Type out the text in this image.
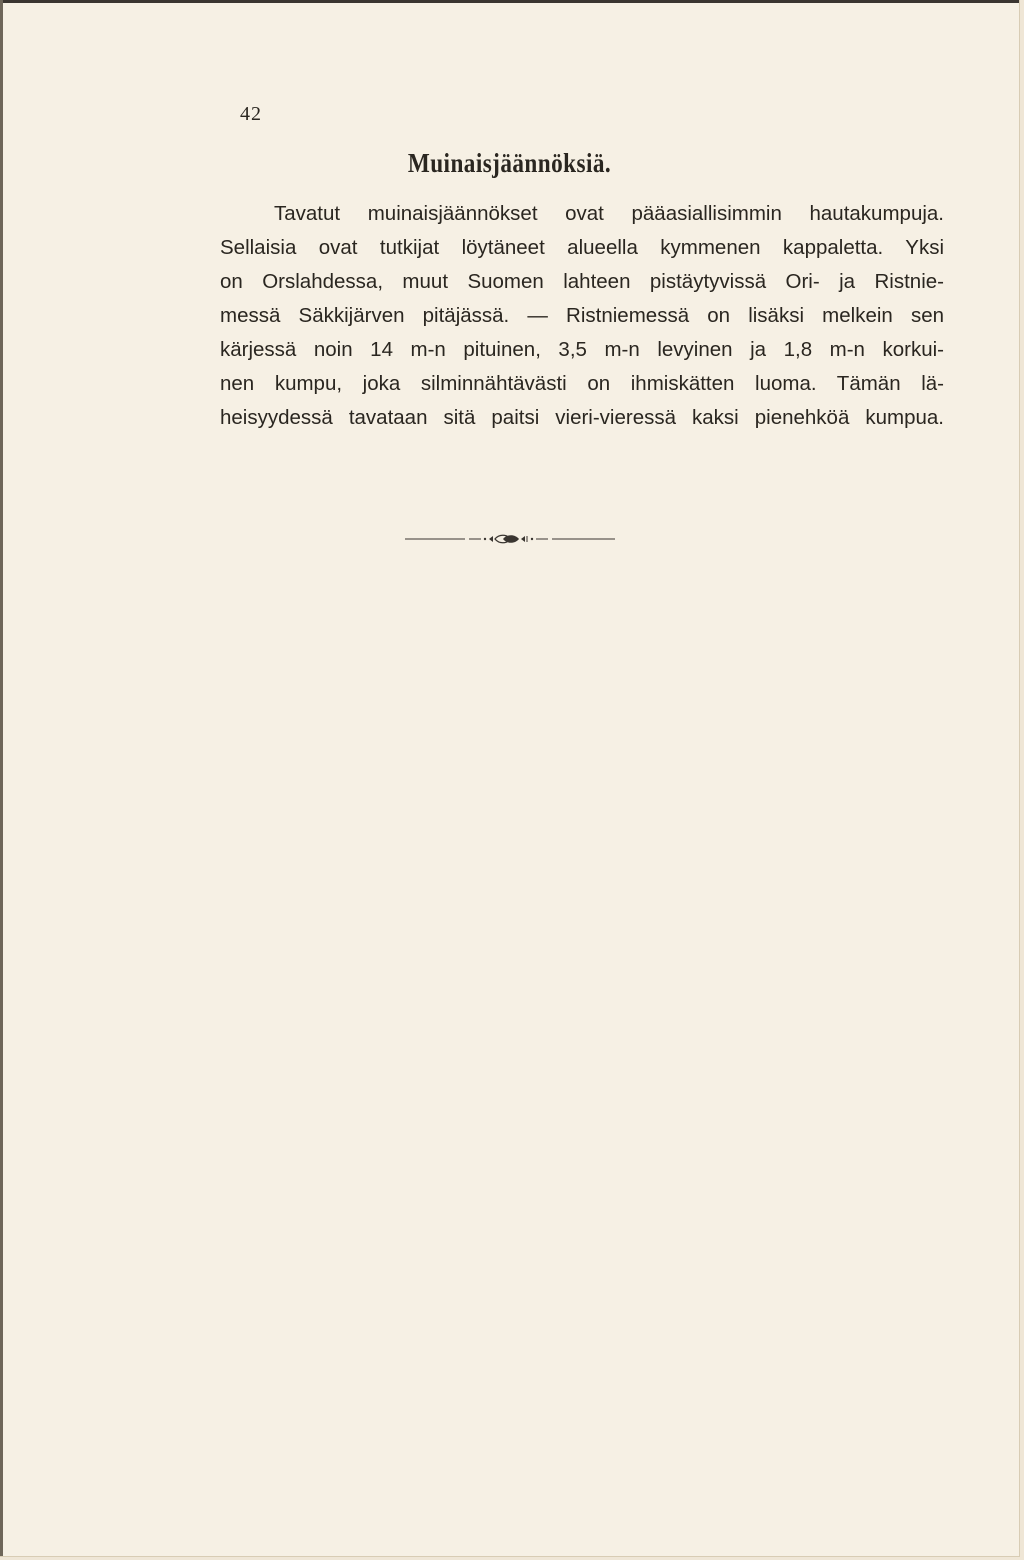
42
Muinaisjäännöksiä.
Tavatut muinaisjäännökset ovat pääasiallisimmin hautakumpuja.
Sellaisia ovat tutkijat löytäneet alueella kymmenen kappaletta. Yksi
on Orslahdessa, muut Suomen lahteen pistäytyvissä Ori- ja Ristnie-
messä Säkkijärven pitäjässä. — Ristniemessä on lisäksi melkein sen
kärjessä noin 14 m-n pituinen, 3,5 m-n levyinen ja 1,8 m-n korkui-
nen kumpu, joka silminnähtävästi on ihmiskätten luoma. Tämän lä-
heisyydessä tavataan sitä paitsi vieri-vieressä kaksi pienehköä kumpua.
